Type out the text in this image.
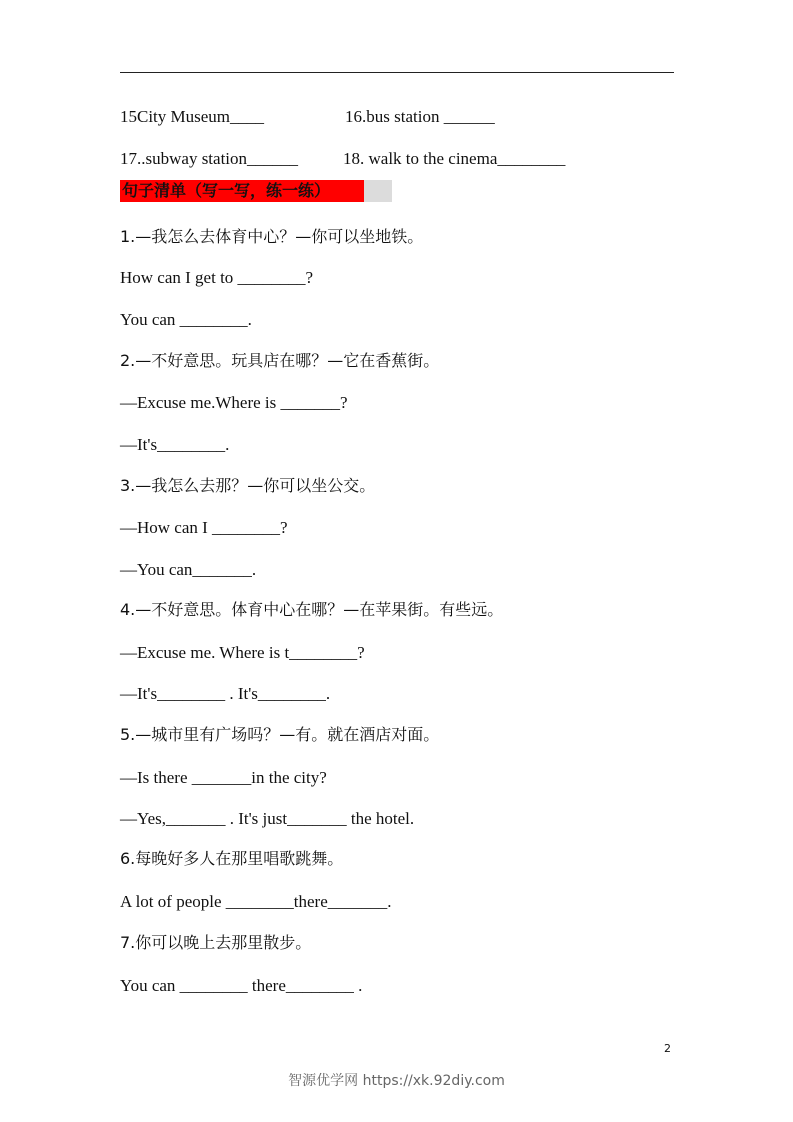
15City Museum____	16.bus station ______
17..subway station______	18. walk to the cinema________
句子清单（写一写，练一练）
1.—我怎么去体育中心？—你可以坐地铁。
How can I get to ________?
You can ________.
2.—不好意思。玩具店在哪？—它在香蕉街。
—Excuse me.Where is _______?
—It's________.
3.—我怎么去那？—你可以坐公交。
—How can I ________?
—You can_______.
4.—不好意思。体育中心在哪？—在苹果街。有些远。
—Excuse me. Where is t________?
—It's________ . It's________.
5.—城市里有广场吗？—有。就在酒店对面。
—Is there _______in the city?
—Yes,_______ . It's just_______ the hotel.
6.每晚好多人在那里唱歌跳舞。
A lot of people ________there_______.
7.你可以晚上去那里散步。
You can ________ there________ .
2
智源优学网 https://xk.92diy.com
